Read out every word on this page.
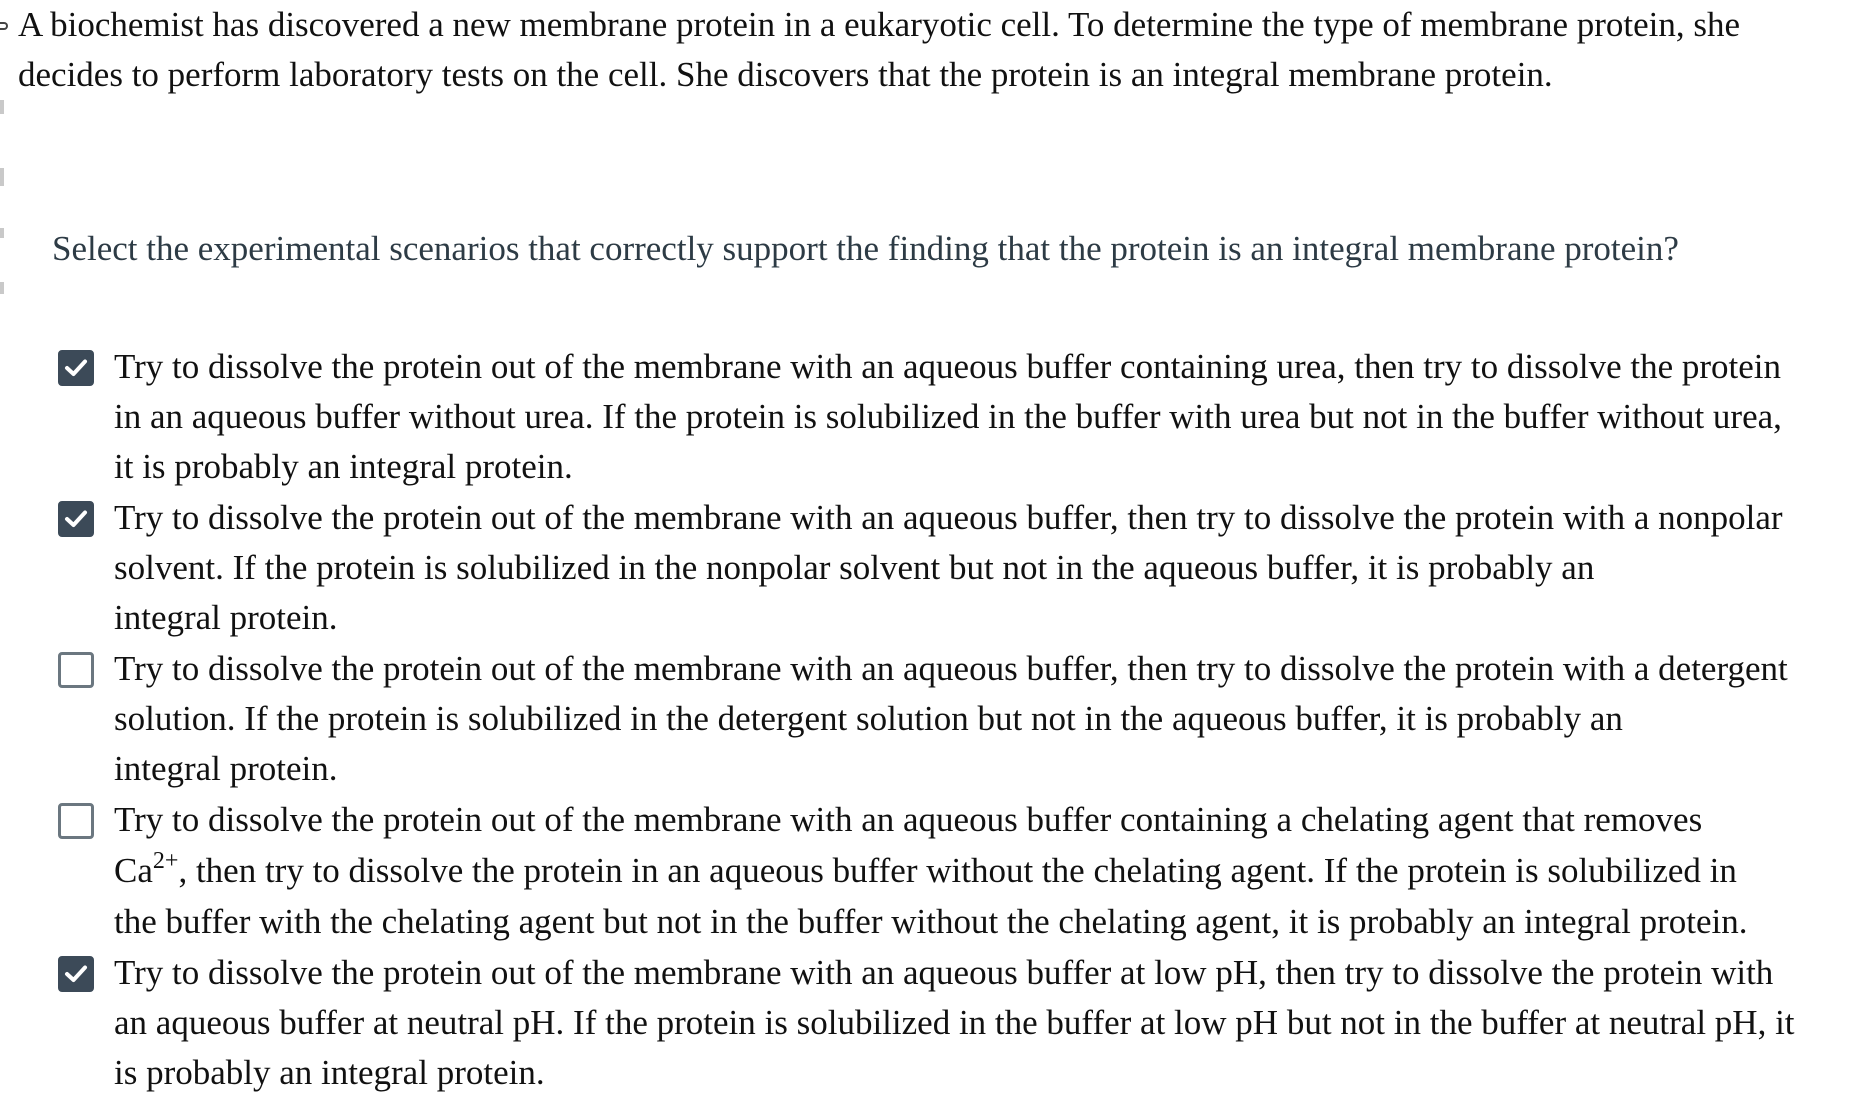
A biochemist has discovered a new membrane protein in a eukaryotic cell. To determine the type of membrane protein, she
decides to perform laboratory tests on the cell. She discovers that the protein is an integral membrane protein.

Select the experimental scenarios that correctly support the finding that the protein is an integral membrane protein?

Try to dissolve the protein out of the membrane with an aqueous buffer containing urea, then try to dissolve the protein
in an aqueous buffer without urea. If the protein is solubilized in the buffer with urea but not in the buffer without urea,
it is probably an integral protein.
Try to dissolve the protein out of the membrane with an aqueous buffer, then try to dissolve the protein with a nonpolar
solvent. If the protein is solubilized in the nonpolar solvent but not in the aqueous buffer, it is probably an
integral protein.
Try to dissolve the protein out of the membrane with an aqueous buffer, then try to dissolve the protein with a detergent
solution. If the protein is solubilized in the detergent solution but not in the aqueous buffer, it is probably an
integral protein.
Try to dissolve the protein out of the membrane with an aqueous buffer containing a chelating agent that removes
$Ca^{2+}$, then try to dissolve the protein in an aqueous buffer without the chelating agent. If the protein is solubilized in
the buffer with the chelating agent but not in the buffer without the chelating agent, it is probably an integral protein.
Try to dissolve the protein out of the membrane with an aqueous buffer at low pH, then try to dissolve the protein with
an aqueous buffer at neutral pH. If the protein is solubilized in the buffer at low pH but not in the buffer at neutral pH, it
is probably an integral protein.
